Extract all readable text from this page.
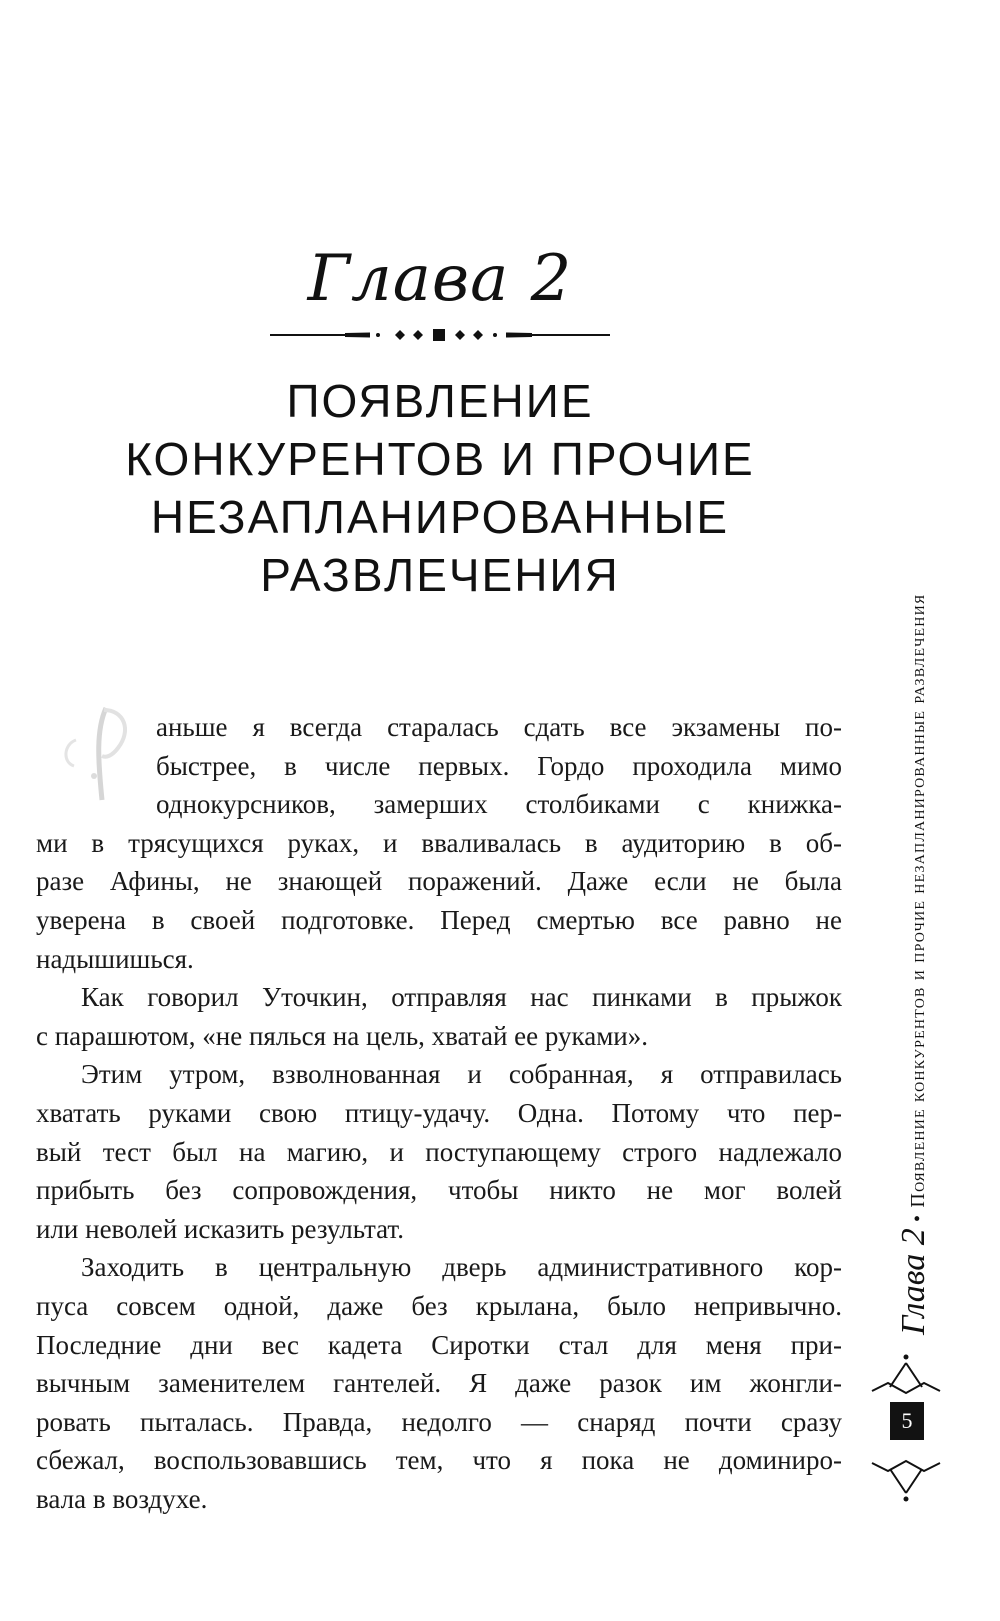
Глава 2
ПОЯВЛЕНИЕ
КОНКУРЕНТОВ И ПРОЧИЕ
НЕЗАПЛАНИРОВАННЫЕ
РАЗВЛЕЧЕНИЯ

аньше я всегда старалась сдать все экзамены по-
быстрее, в числе первых. Гордо проходила мимо
однокурсников, замерших столбиками с книжка-
ми в трясущихся руках, и вваливалась в аудиторию в об-
разе Афины, не знающей поражений. Даже если не была
уверена в своей подготовке. Перед смертью все равно не
надышишься.

Как говорил Уточкин, отправляя нас пинками в прыжок
с парашютом, «не пялься на цель, хватай ее руками».

Этим утром, взволнованная и собранная, я отправилась
хватать руками свою птицу-удачу. Одна. Потому что пер-
вый тест был на магию, и поступающему строго надлежало
прибыть без сопровождения, чтобы никто не мог волей
или неволей исказить результат.

Заходить в центральную дверь административного кор-
пуса совсем одной, даже без крылана, было непривычно.
Последние дни вес кадета Сиротки стал для меня при-
вычным заменителем гантелей. Я даже разок им жонгли-
ровать пыталась. Правда, недолго — снаряд почти сразу
сбежал, воспользовавшись тем, что я пока не доминиро-
вала в воздухе.

Глава 2 • Появление конкурентов и прочие незапланированные развлечения
5
